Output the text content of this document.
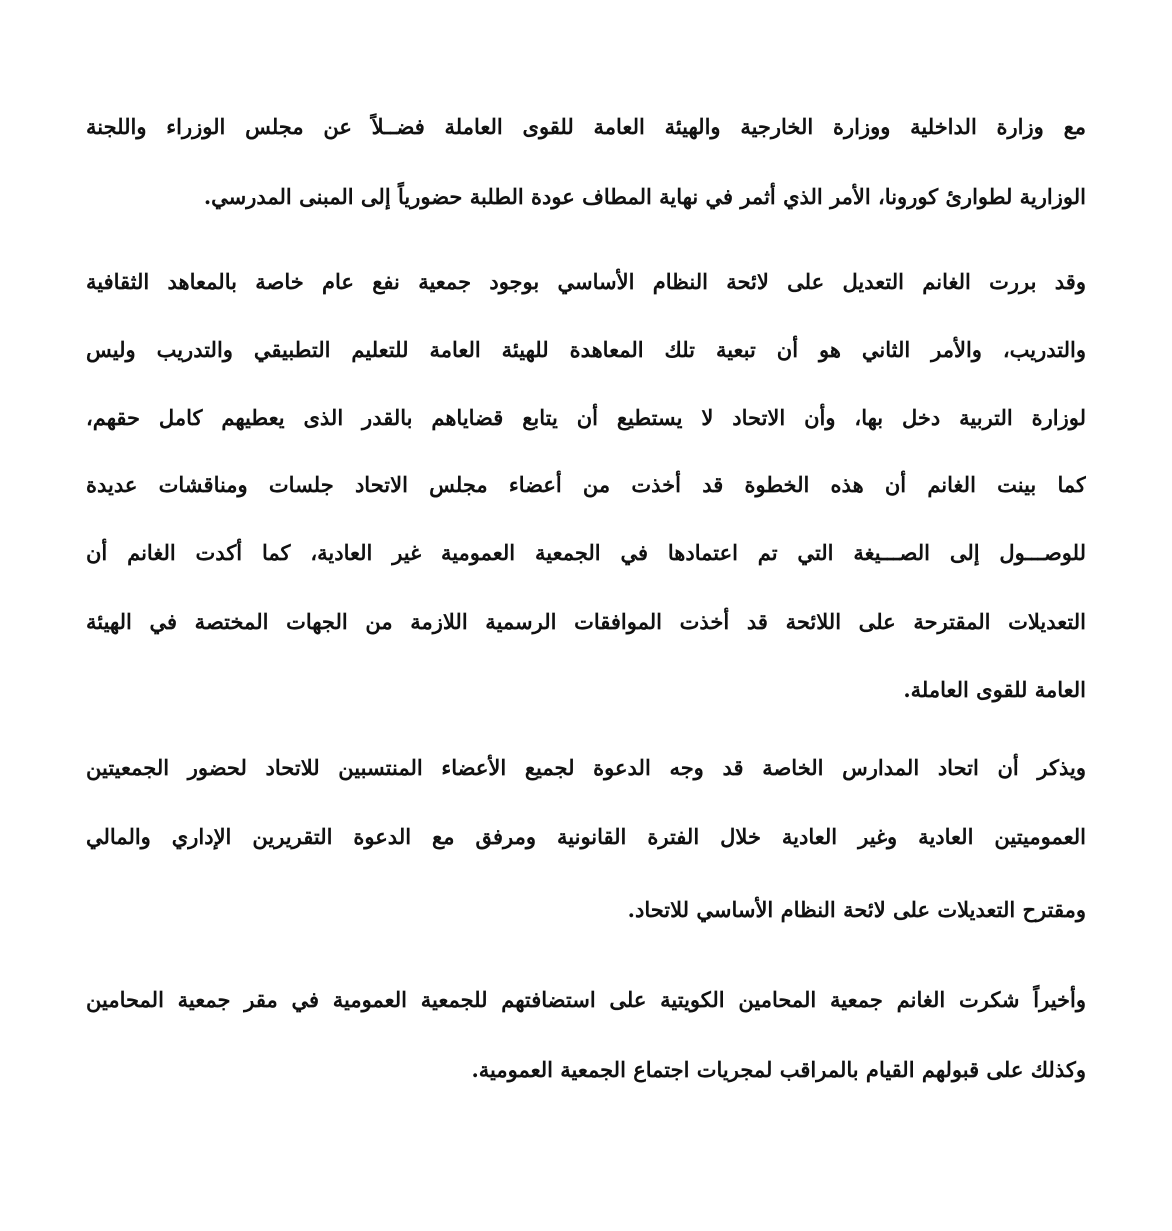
مع وزارة الداخلية ووزارة الخارجية والهيئة العامة للقوى العاملة فضــلاً عن مجلس الوزراء واللجنة
الوزارية لطوارئ كورونا، الأمر الذي أثمر في نهاية المطاف عودة الطلبة حضورياً إلى المبنى المدرسي.
وقد بررت الغانم التعديل على لائحة النظام الأساسي بوجود جمعية نفع عام خاصة بالمعاهد الثقافية
والتدريب، والأمر الثاني هو أن تبعية تلك المعاهدة للهيئة العامة للتعليم التطبيقي والتدريب وليس
لوزارة التربية دخل بها، وأن الاتحاد لا يستطيع أن يتابع قضاياهم بالقدر الذى يعطيهم كامل حقهم،
كما بينت الغانم أن هذه الخطوة قد أخذت من أعضاء مجلس الاتحاد جلسات ومناقشات عديدة
للوصـــول إلى الصـــيغة التي تم اعتمادها في الجمعية العمومية غير العادية، كما أكدت الغانم أن
التعديلات المقترحة على اللائحة قد أخذت الموافقات الرسمية اللازمة من الجهات المختصة في الهيئة
العامة للقوى العاملة.
ويذكر أن اتحاد المدارس الخاصة قد وجه الدعوة لجميع الأعضاء المنتسبين للاتحاد لحضور الجمعيتين
العموميتين العادية وغير العادية خلال الفترة القانونية ومرفق مع الدعوة التقريرين الإداري والمالي
ومقترح التعديلات على لائحة النظام الأساسي للاتحاد.
وأخيراً شكرت الغانم جمعية المحامين الكويتية على استضافتهم للجمعية العمومية في مقر جمعية المحامين
وكذلك على قبولهم القيام بالمراقب لمجريات اجتماع الجمعية العمومية.
